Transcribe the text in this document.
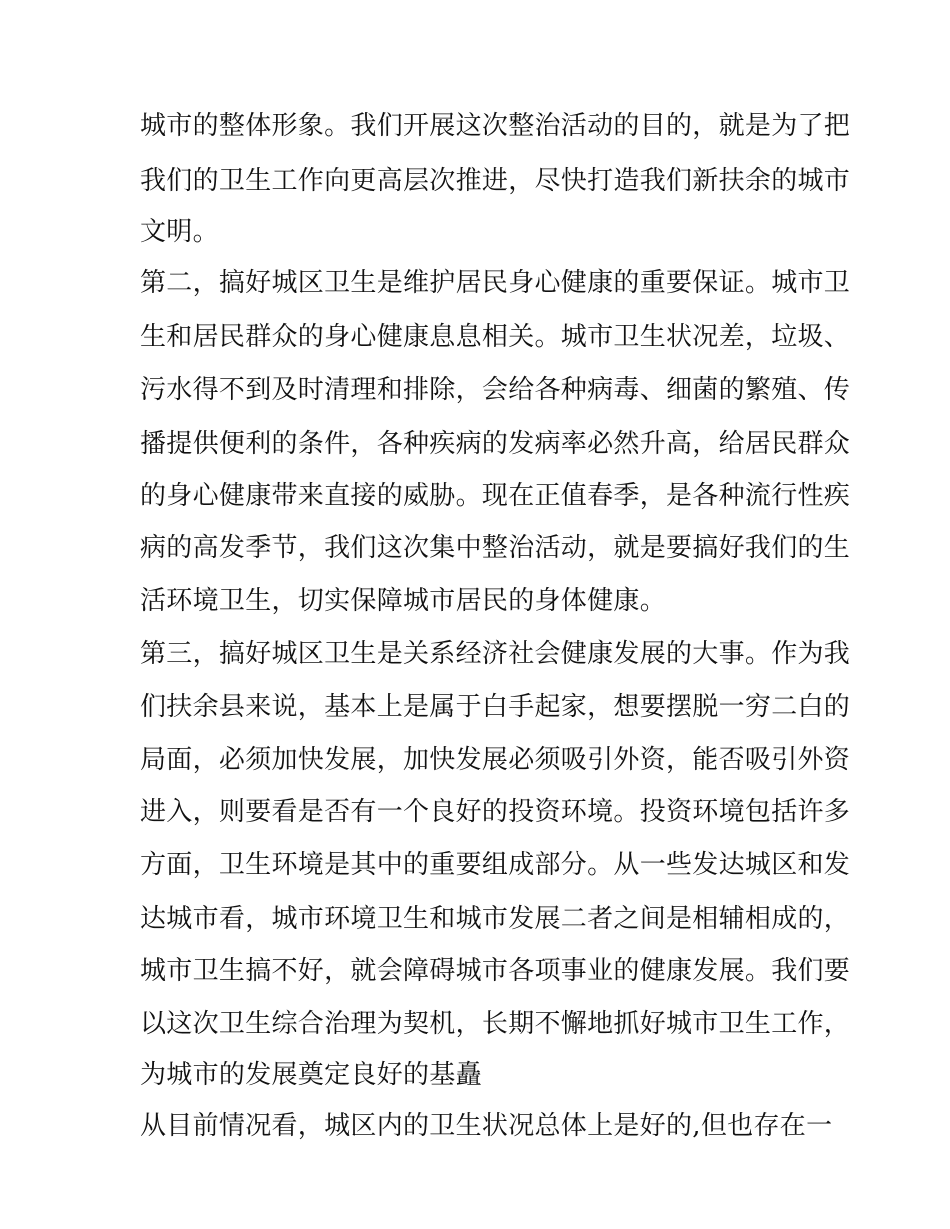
城市的整体形象。我们开展这次整治活动的目的，就是为了把
我们的卫生工作向更高层次推进，尽快打造我们新扶余的城市
文明。
第二，搞好城区卫生是维护居民身心健康的重要保证。城市卫
生和居民群众的身心健康息息相关。城市卫生状况差，垃圾、
污水得不到及时清理和排除，会给各种病毒、细菌的繁殖、传
播提供便利的条件，各种疾病的发病率必然升高，给居民群众
的身心健康带来直接的威胁。现在正值春季，是各种流行性疾
病的高发季节，我们这次集中整治活动，就是要搞好我们的生
活环境卫生，切实保障城市居民的身体健康。
第三，搞好城区卫生是关系经济社会健康发展的大事。作为我
们扶余县来说，基本上是属于白手起家，想要摆脱一穷二白的
局面，必须加快发展，加快发展必须吸引外资，能否吸引外资
进入，则要看是否有一个良好的投资环境。投资环境包括许多
方面，卫生环境是其中的重要组成部分。从一些发达城区和发
达城市看，城市环境卫生和城市发展二者之间是相辅相成的，
城市卫生搞不好，就会障碍城市各项事业的健康发展。我们要
以这次卫生综合治理为契机，长期不懈地抓好城市卫生工作，
为城市的发展奠定良好的基矗
从目前情况看，城区内的卫生状况总体上是好的,但也存在一
